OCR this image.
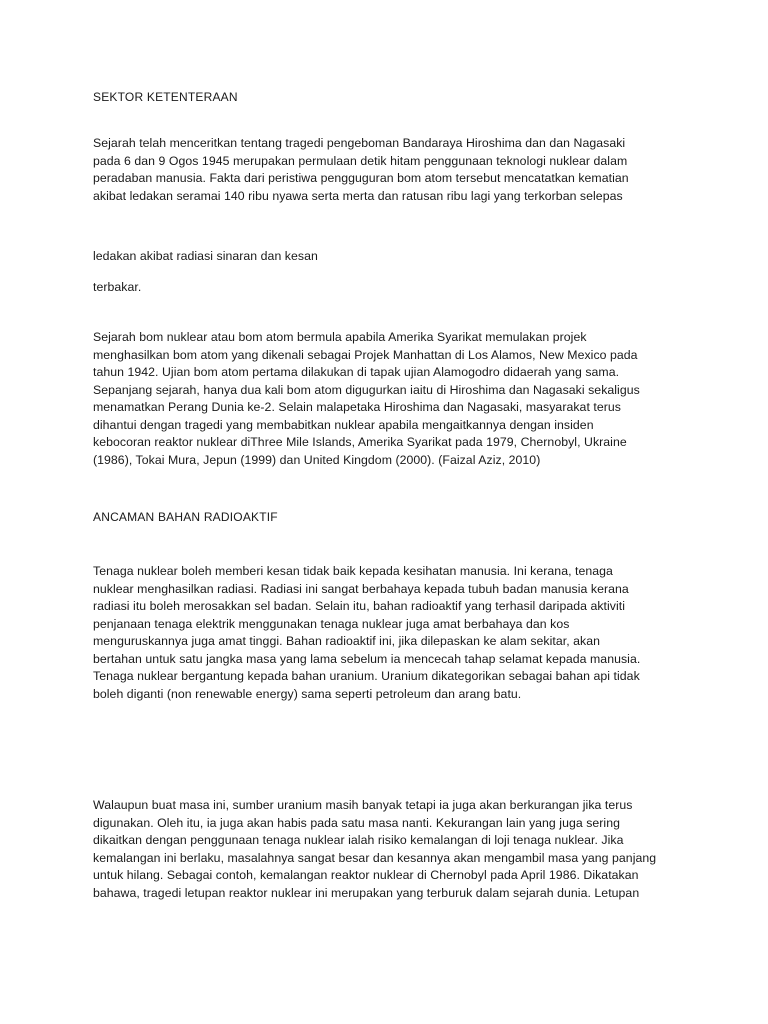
SEKTOR KETENTERAAN

Sejarah telah menceritkan tentang tragedi pengeboman Bandaraya Hiroshima dan dan Nagasaki
pada 6 dan 9 Ogos 1945 merupakan permulaan detik hitam penggunaan teknologi nuklear dalam
peradaban manusia. Fakta dari peristiwa pengguguran bom atom tersebut mencatatkan kematian
akibat ledakan seramai 140 ribu nyawa serta merta dan ratusan ribu lagi yang terkorban selepas

ledakan akibat radiasi sinaran dan kesan

terbakar.

Sejarah bom nuklear atau bom atom bermula apabila Amerika Syarikat memulakan projek
menghasilkan bom atom yang dikenali sebagai Projek Manhattan di Los Alamos, New Mexico pada
tahun 1942. Ujian bom atom pertama dilakukan di tapak ujian Alamogodro didaerah yang sama.
Sepanjang sejarah, hanya dua kali bom atom digugurkan iaitu di Hiroshima dan Nagasaki sekaligus
menamatkan Perang Dunia ke-2. Selain malapetaka Hiroshima dan Nagasaki, masyarakat terus
dihantui dengan tragedi yang membabitkan nuklear apabila mengaitkannya dengan insiden
kebocoran reaktor nuklear diThree Mile Islands, Amerika Syarikat pada 1979, Chernobyl, Ukraine
(1986), Tokai Mura, Jepun (1999) dan United Kingdom (2000). (Faizal Aziz, 2010)

ANCAMAN BAHAN RADIOAKTIF

Tenaga nuklear boleh memberi kesan tidak baik kepada kesihatan manusia. Ini kerana, tenaga
nuklear menghasilkan radiasi. Radiasi ini sangat berbahaya kepada tubuh badan manusia kerana
radiasi itu boleh merosakkan sel badan. Selain itu, bahan radioaktif yang terhasil daripada aktiviti
penjanaan tenaga elektrik menggunakan tenaga nuklear juga amat berbahaya dan kos
menguruskannya juga amat tinggi. Bahan radioaktif ini, jika dilepaskan ke alam sekitar, akan
bertahan untuk satu jangka masa yang lama sebelum ia mencecah tahap selamat kepada manusia.
Tenaga nuklear bergantung kepada bahan uranium. Uranium dikategorikan sebagai bahan api tidak
boleh diganti (non renewable energy) sama seperti petroleum dan arang batu.

Walaupun buat masa ini, sumber uranium masih banyak tetapi ia juga akan berkurangan jika terus
digunakan. Oleh itu, ia juga akan habis pada satu masa nanti. Kekurangan lain yang juga sering
dikaitkan dengan penggunaan tenaga nuklear ialah risiko kemalangan di loji tenaga nuklear. Jika
kemalangan ini berlaku, masalahnya sangat besar dan kesannya akan mengambil masa yang panjang
untuk hilang. Sebagai contoh, kemalangan reaktor nuklear di Chernobyl pada April 1986. Dikatakan
bahawa, tragedi letupan reaktor nuklear ini merupakan yang terburuk dalam sejarah dunia. Letupan
